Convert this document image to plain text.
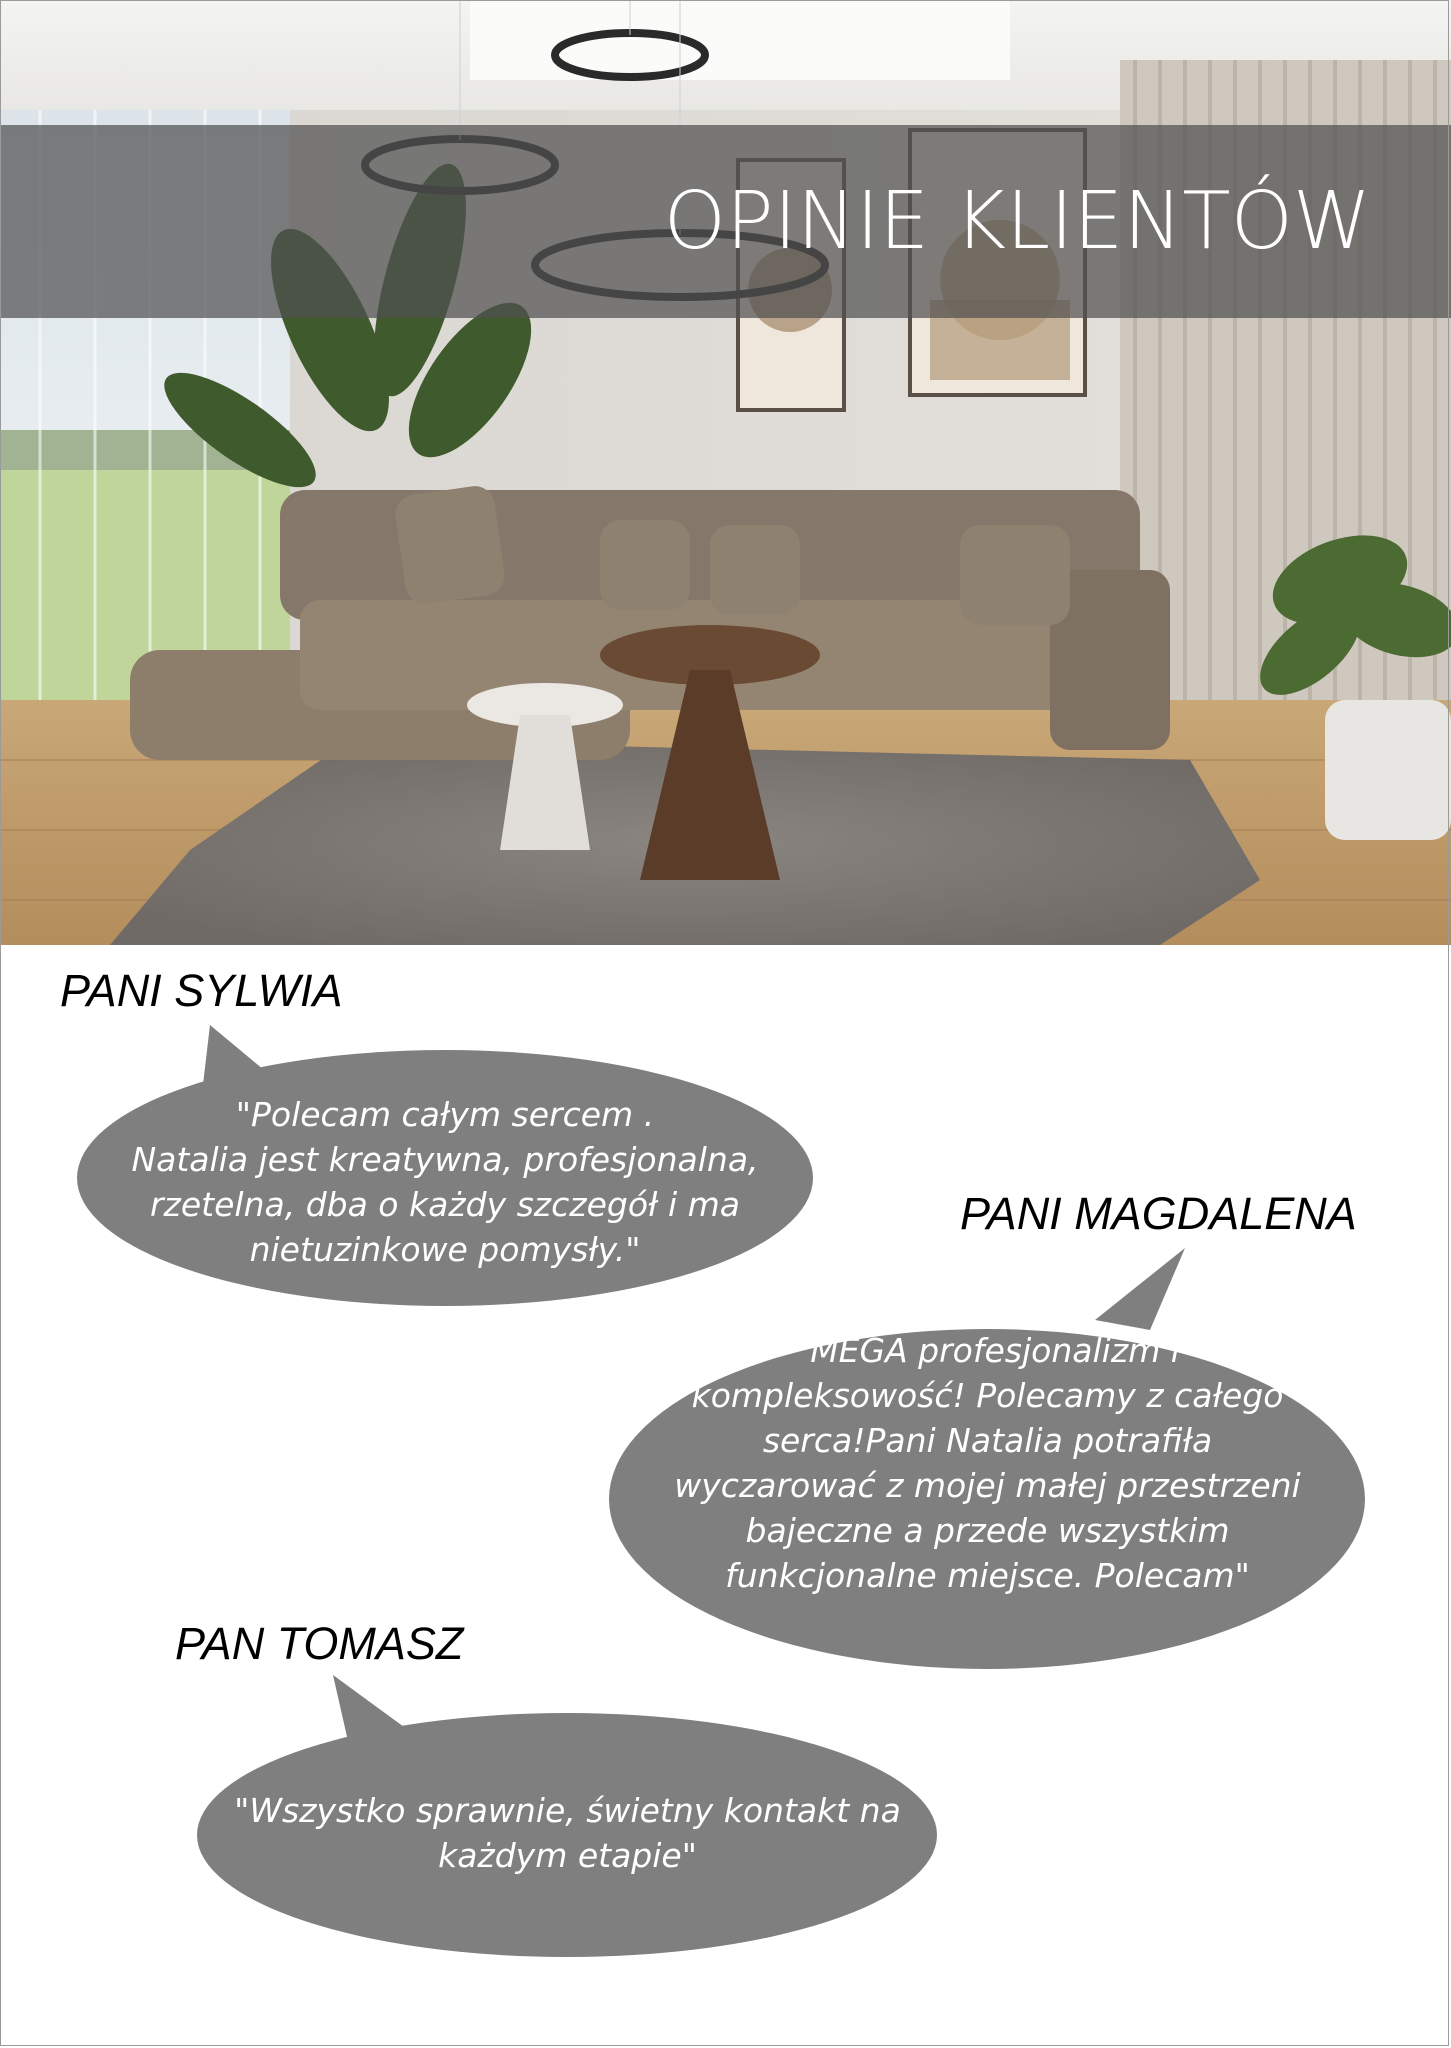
OPINIE KLIENTÓW
PANI SYLWIA
PANI MAGDALENA
PAN TOMASZ
"Polecam całym sercem .
Natalia jest kreatywna, profesjonalna,
rzetelna, dba o każdy szczegół i ma
nietuzinkowe pomysły."
"MEGA profesjonalizm i
kompleksowość! Polecamy z całego
serca!Pani Natalia potrafiła
wyczarować z mojej małej przestrzeni
bajeczne a przede wszystkim
funkcjonalne miejsce. Polecam"
"Wszystko sprawnie, świetny kontakt na
każdym etapie"
